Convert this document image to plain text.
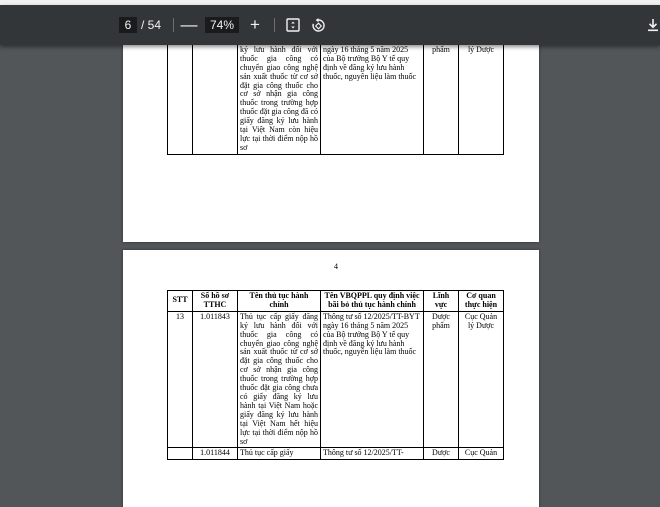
6 /
54 —	74% +
		ký lưu hành đối với thuốc gia công có chuyển giao công nghệ sản xuất thuốc từ cơ sở đặt gia công thuốc cho cơ sở nhận gia công thuốc trong trường hợp thuốc đặt gia công đã có giấy đăng ký lưu hành tại Việt Nam còn hiệu lực tại thời điểm nộp hồ sơ	ngày 16 tháng 5 năm 2025 của Bộ trưởng Bộ Y tế quy định về đăng ký lưu hành thuốc, nguyên liệu làm thuốc	phẩm	lý Dược
4
STT	Số hồ sơ TTHC	Tên thủ tục hành chính	Tên VBQPPL quy định việc bãi bỏ thủ tục hành chính	Lĩnh vực	Cơ quan thực hiện
13	1.011843	Thủ tục cấp giấy đăng ký lưu hành đối với thuốc gia công có chuyển giao công nghệ sản xuất thuốc từ cơ sở đặt gia công thuốc cho cơ sở nhận gia công thuốc trong trường hợp thuốc đặt gia công chưa có giấy đăng ký lưu hành tại Việt Nam hoặc giấy đăng ký lưu hành tại Việt Nam hết hiệu lực tại thời điểm nộp hồ sơ	Thông tư số 12/2025/TT-BYT ngày 16 tháng 5 năm 2025 của Bộ trưởng Bộ Y tế quy định về đăng ký lưu hành thuốc, nguyên liệu làm thuốc	Dược phẩm	Cục Quản lý Dược
	1.011844	Thủ tục cấp giấy	Thông tư số 12/2025/TT-	Dược	Cục Quản
